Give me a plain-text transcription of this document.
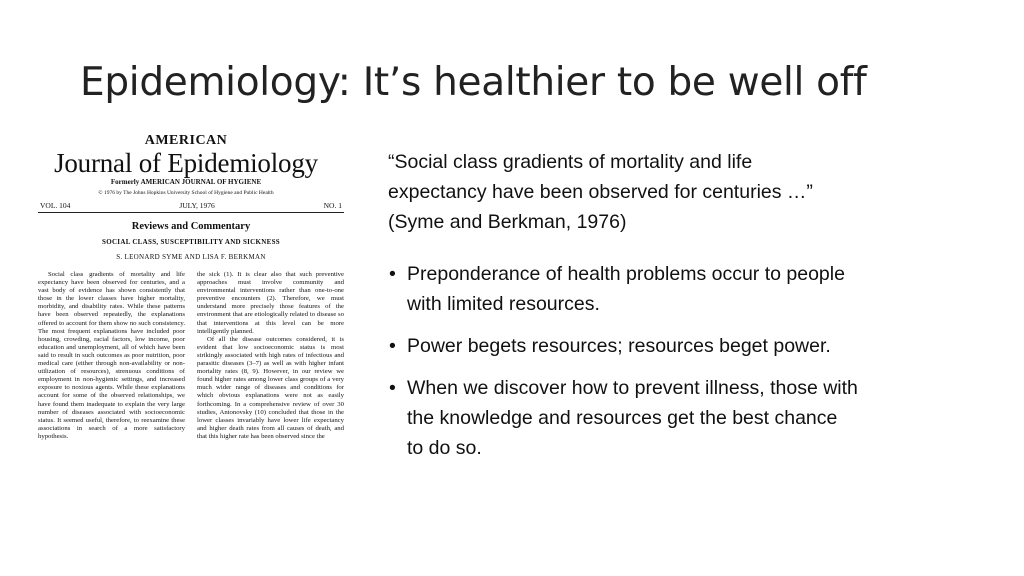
Epidemiology: It’s healthier to be well off
AMERICAN
Journal of Epidemiology
Formerly AMERICAN JOURNAL OF HYGIENE
© 1976 by The Johns Hopkins University School of Hygiene and Public Health
VOL. 104	JULY, 1976	NO. 1
Reviews and Commentary
SOCIAL CLASS, SUSCEPTIBILITY AND SICKNESS
S. LEONARD SYME AND LISA F. BERKMAN

Social class gradients of mortality and life expectancy have been observed for centuries, and a vast body of evidence has shown consistently that those in the lower classes have higher mortality, morbidity, and disability rates. While these patterns have been observed repeatedly, the explanations offered to account for them show no such consistency. The most frequent explanations have included poor housing, crowding, racial factors, low income, poor education and unemployment, all of which have been said to result in such outcomes as poor nutrition, poor medical care (either through non-availability or non-utilization of resources), strenuous conditions of employment in non-hygienic settings, and increased exposure to noxious agents. While these explanations account for some of the observed relationships, we have found them inadequate to explain the very large number of diseases associated with socioeconomic status. It seemed useful, therefore, to reexamine these associations in search of a more satisfactory hypothesis.

the sick (1). It is clear also that such preventive approaches must involve community and environmental interventions rather than one-to-one preventive encounters (2). Therefore, we must understand more precisely those features of the environment that are etiologically related to disease so that interventions at this level can be more intelligently planned.

Of all the disease outcomes considered, it is evident that low socioeconomic status is most strikingly associated with high rates of infectious and parasitic diseases (3–7) as well as with higher infant mortality rates (8, 9). However, in our review we found higher rates among lower class groups of a very much wider range of diseases and conditions for which obvious explanations were not as easily forthcoming. In a comprehensive review of over 30 studies, Antonovsky (10) concluded that those in the lower classes invariably have lower life expectancy and higher death rates from all causes of death, and that this higher rate has been observed since the

“Social class gradients of mortality and life expectancy have been observed for centuries …” (Syme and Berkman, 1976)
• Preponderance of health problems occur to people with limited resources.
• Power begets resources; resources beget power.
• When we discover how to prevent illness, those with the knowledge and resources get the best chance to do so.
